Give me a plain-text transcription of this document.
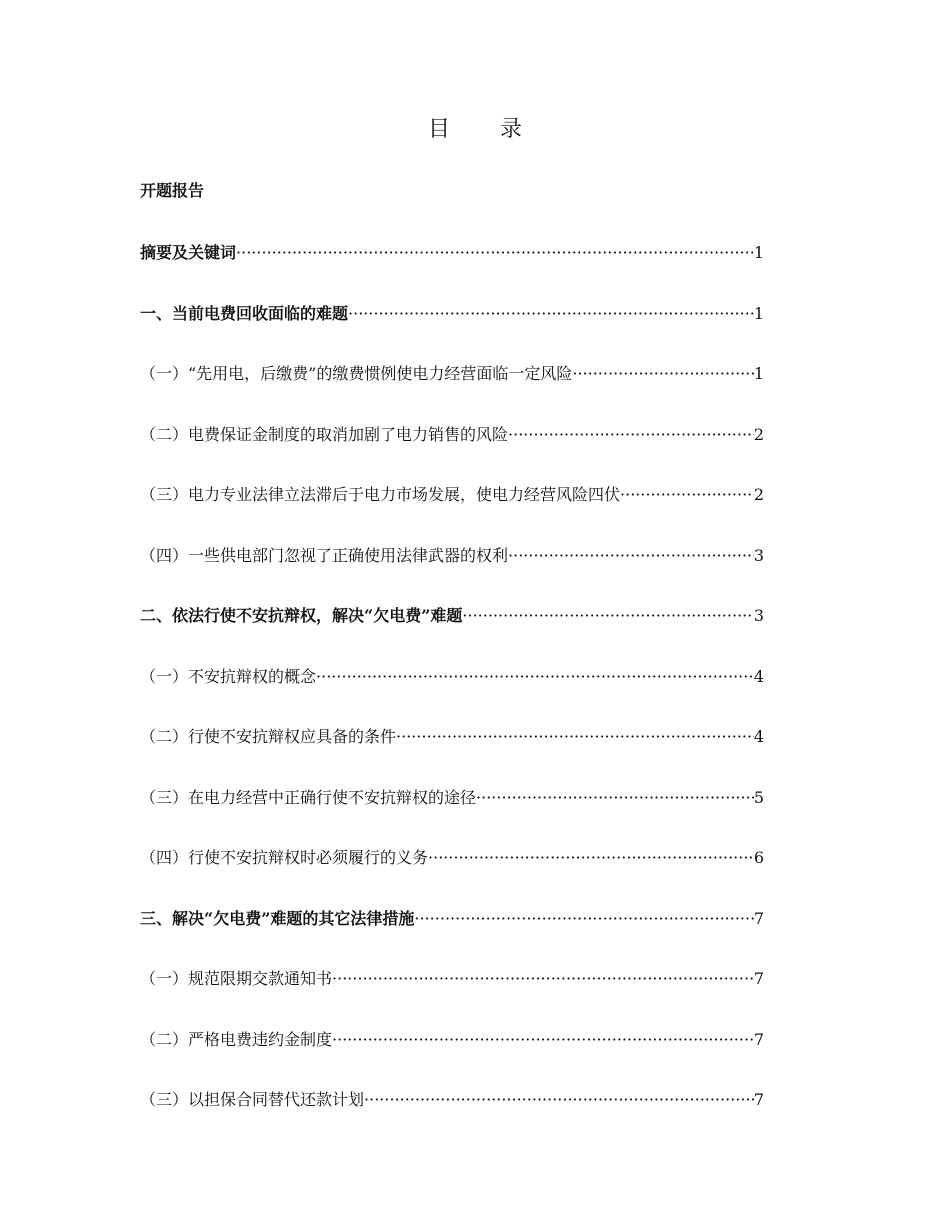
目 录
开题报告
摘要及关键词 ·····	1
一、当前电费回收面临的难题 ·····	1
（一）“先用电，后缴费”的缴费惯例使电力经营面临一定风险 ·····	1
（二）电费保证金制度的取消加剧了电力销售的风险 ·····	2
（三）电力专业法律立法滞后于电力市场发展，使电力经营风险四伏 ·····	2
（四）一些供电部门忽视了正确使用法律武器的权利 ·····	3
二、依法行使不安抗辩权，解决“欠电费”难题 ·····	3
（一）不安抗辩权的概念 ·····	4
（二）行使不安抗辩权应具备的条件 ·····	4
（三）在电力经营中正确行使不安抗辩权的途径 ·····	5
（四）行使不安抗辩权时必须履行的义务 ·····	6
三、解决“欠电费”难题的其它法律措施 ·····	7
（一）规范限期交款通知书 ·····	7
（二）严格电费违约金制度 ·····	7
（三）以担保合同替代还款计划 ·····	7
